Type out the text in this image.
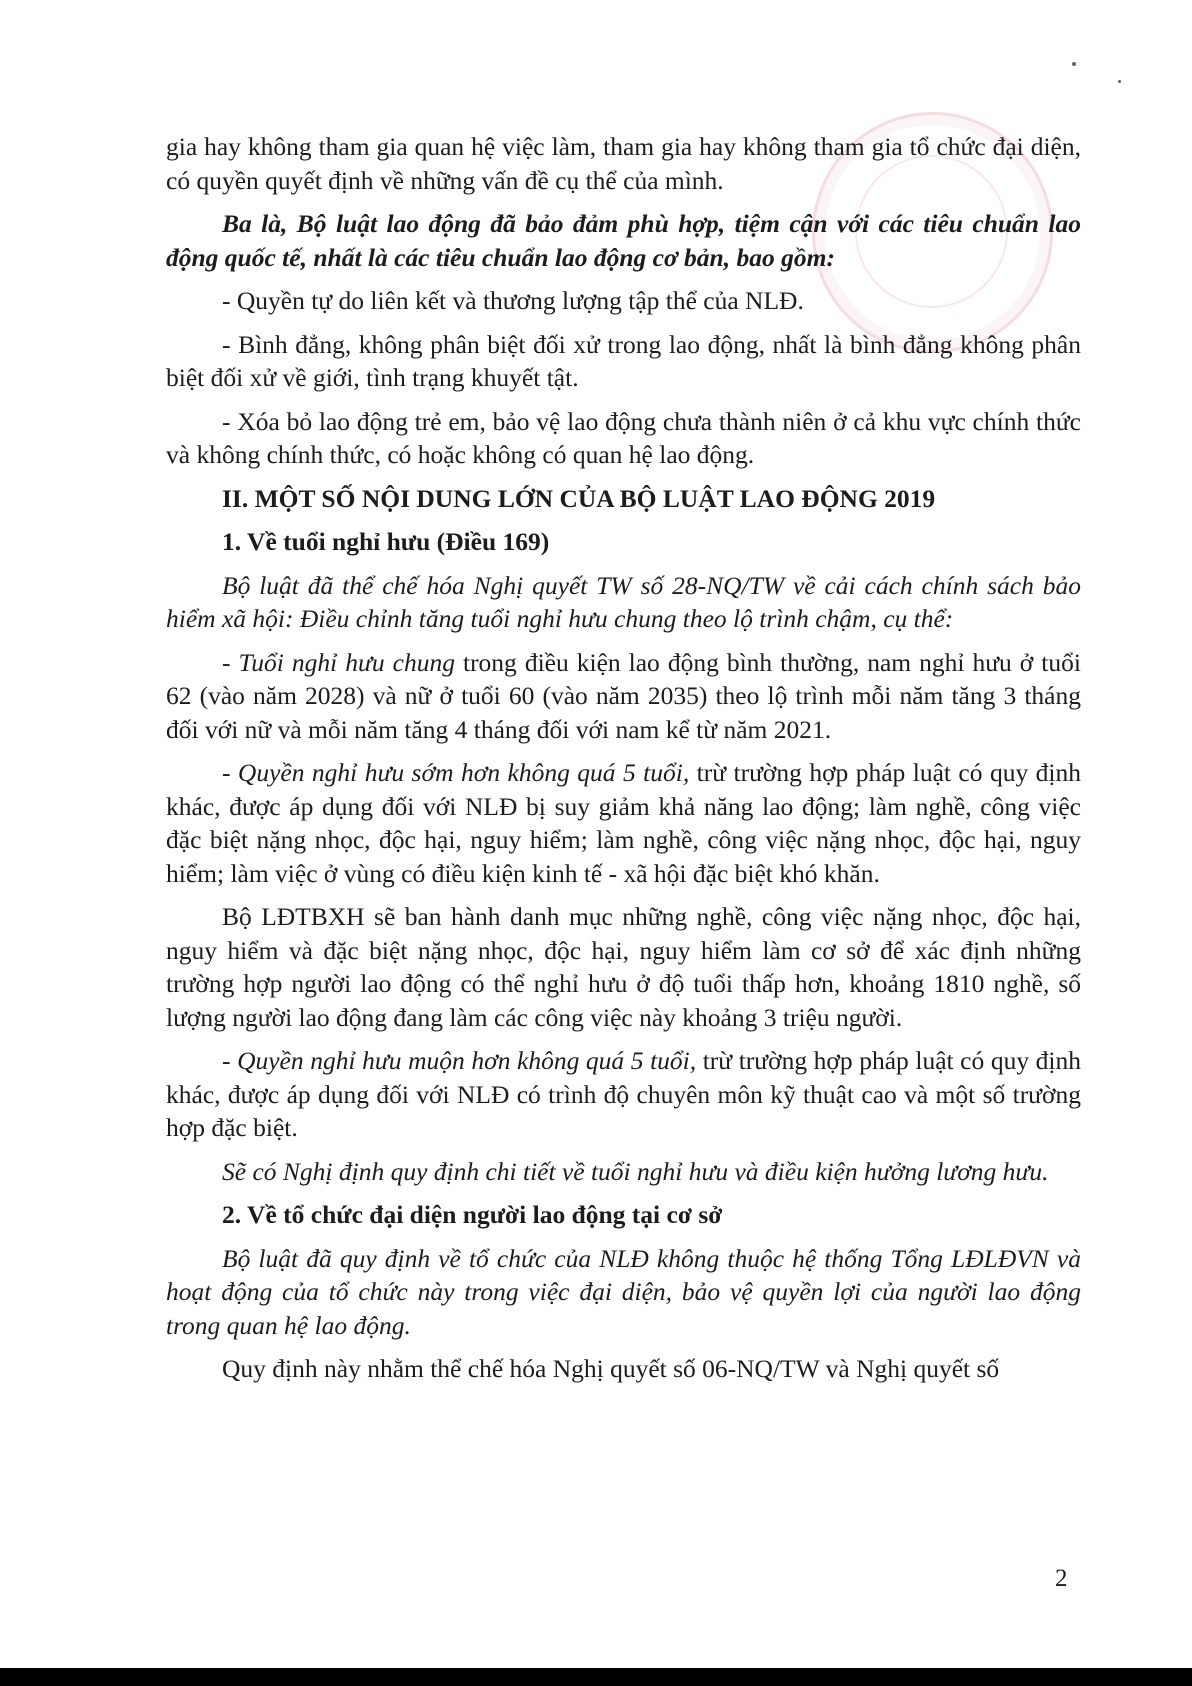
gia hay không tham gia quan hệ việc làm, tham gia hay không tham gia tổ chức đại diện, có quyền quyết định về những vấn đề cụ thể của mình.

Ba là, Bộ luật lao động đã bảo đảm phù hợp, tiệm cận với các tiêu chuẩn lao động quốc tế, nhất là các tiêu chuẩn lao động cơ bản, bao gồm:

- Quyền tự do liên kết và thương lượng tập thể của NLĐ.

- Bình đẳng, không phân biệt đối xử trong lao động, nhất là bình đẳng không phân biệt đối xử về giới, tình trạng khuyết tật.

- Xóa bỏ lao động trẻ em, bảo vệ lao động chưa thành niên ở cả khu vực chính thức và không chính thức, có hoặc không có quan hệ lao động.

II. MỘT SỐ NỘI DUNG LỚN CỦA BỘ LUẬT LAO ĐỘNG 2019

1. Về tuổi nghỉ hưu (Điều 169)

Bộ luật đã thể chế hóa Nghị quyết TW số 28-NQ/TW về cải cách chính sách bảo hiểm xã hội: Điều chỉnh tăng tuổi nghỉ hưu chung theo lộ trình chậm, cụ thể:

- Tuổi nghỉ hưu chung trong điều kiện lao động bình thường, nam nghỉ hưu ở tuổi 62 (vào năm 2028) và nữ ở tuổi 60 (vào năm 2035) theo lộ trình mỗi năm tăng 3 tháng đối với nữ và mỗi năm tăng 4 tháng đối với nam kể từ năm 2021.

- Quyền nghỉ hưu sớm hơn không quá 5 tuổi, trừ trường hợp pháp luật có quy định khác, được áp dụng đối với NLĐ bị suy giảm khả năng lao động; làm nghề, công việc đặc biệt nặng nhọc, độc hại, nguy hiểm; làm nghề, công việc nặng nhọc, độc hại, nguy hiểm; làm việc ở vùng có điều kiện kinh tế - xã hội đặc biệt khó khăn.

Bộ LĐTBXH sẽ ban hành danh mục những nghề, công việc nặng nhọc, độc hại, nguy hiểm và đặc biệt nặng nhọc, độc hại, nguy hiểm làm cơ sở để xác định những trường hợp người lao động có thể nghỉ hưu ở độ tuổi thấp hơn, khoảng 1810 nghề, số lượng người lao động đang làm các công việc này khoảng 3 triệu người.

- Quyền nghỉ hưu muộn hơn không quá 5 tuổi, trừ trường hợp pháp luật có quy định khác, được áp dụng đối với NLĐ có trình độ chuyên môn kỹ thuật cao và một số trường hợp đặc biệt.

Sẽ có Nghị định quy định chi tiết về tuổi nghỉ hưu và điều kiện hưởng lương hưu.

2. Về tổ chức đại diện người lao động tại cơ sở

Bộ luật đã quy định về tổ chức của NLĐ không thuộc hệ thống Tổng LĐLĐVN và hoạt động của tổ chức này trong việc đại diện, bảo vệ quyền lợi của người lao động trong quan hệ lao động.

Quy định này nhằm thể chế hóa Nghị quyết số 06-NQ/TW và Nghị quyết số

2
